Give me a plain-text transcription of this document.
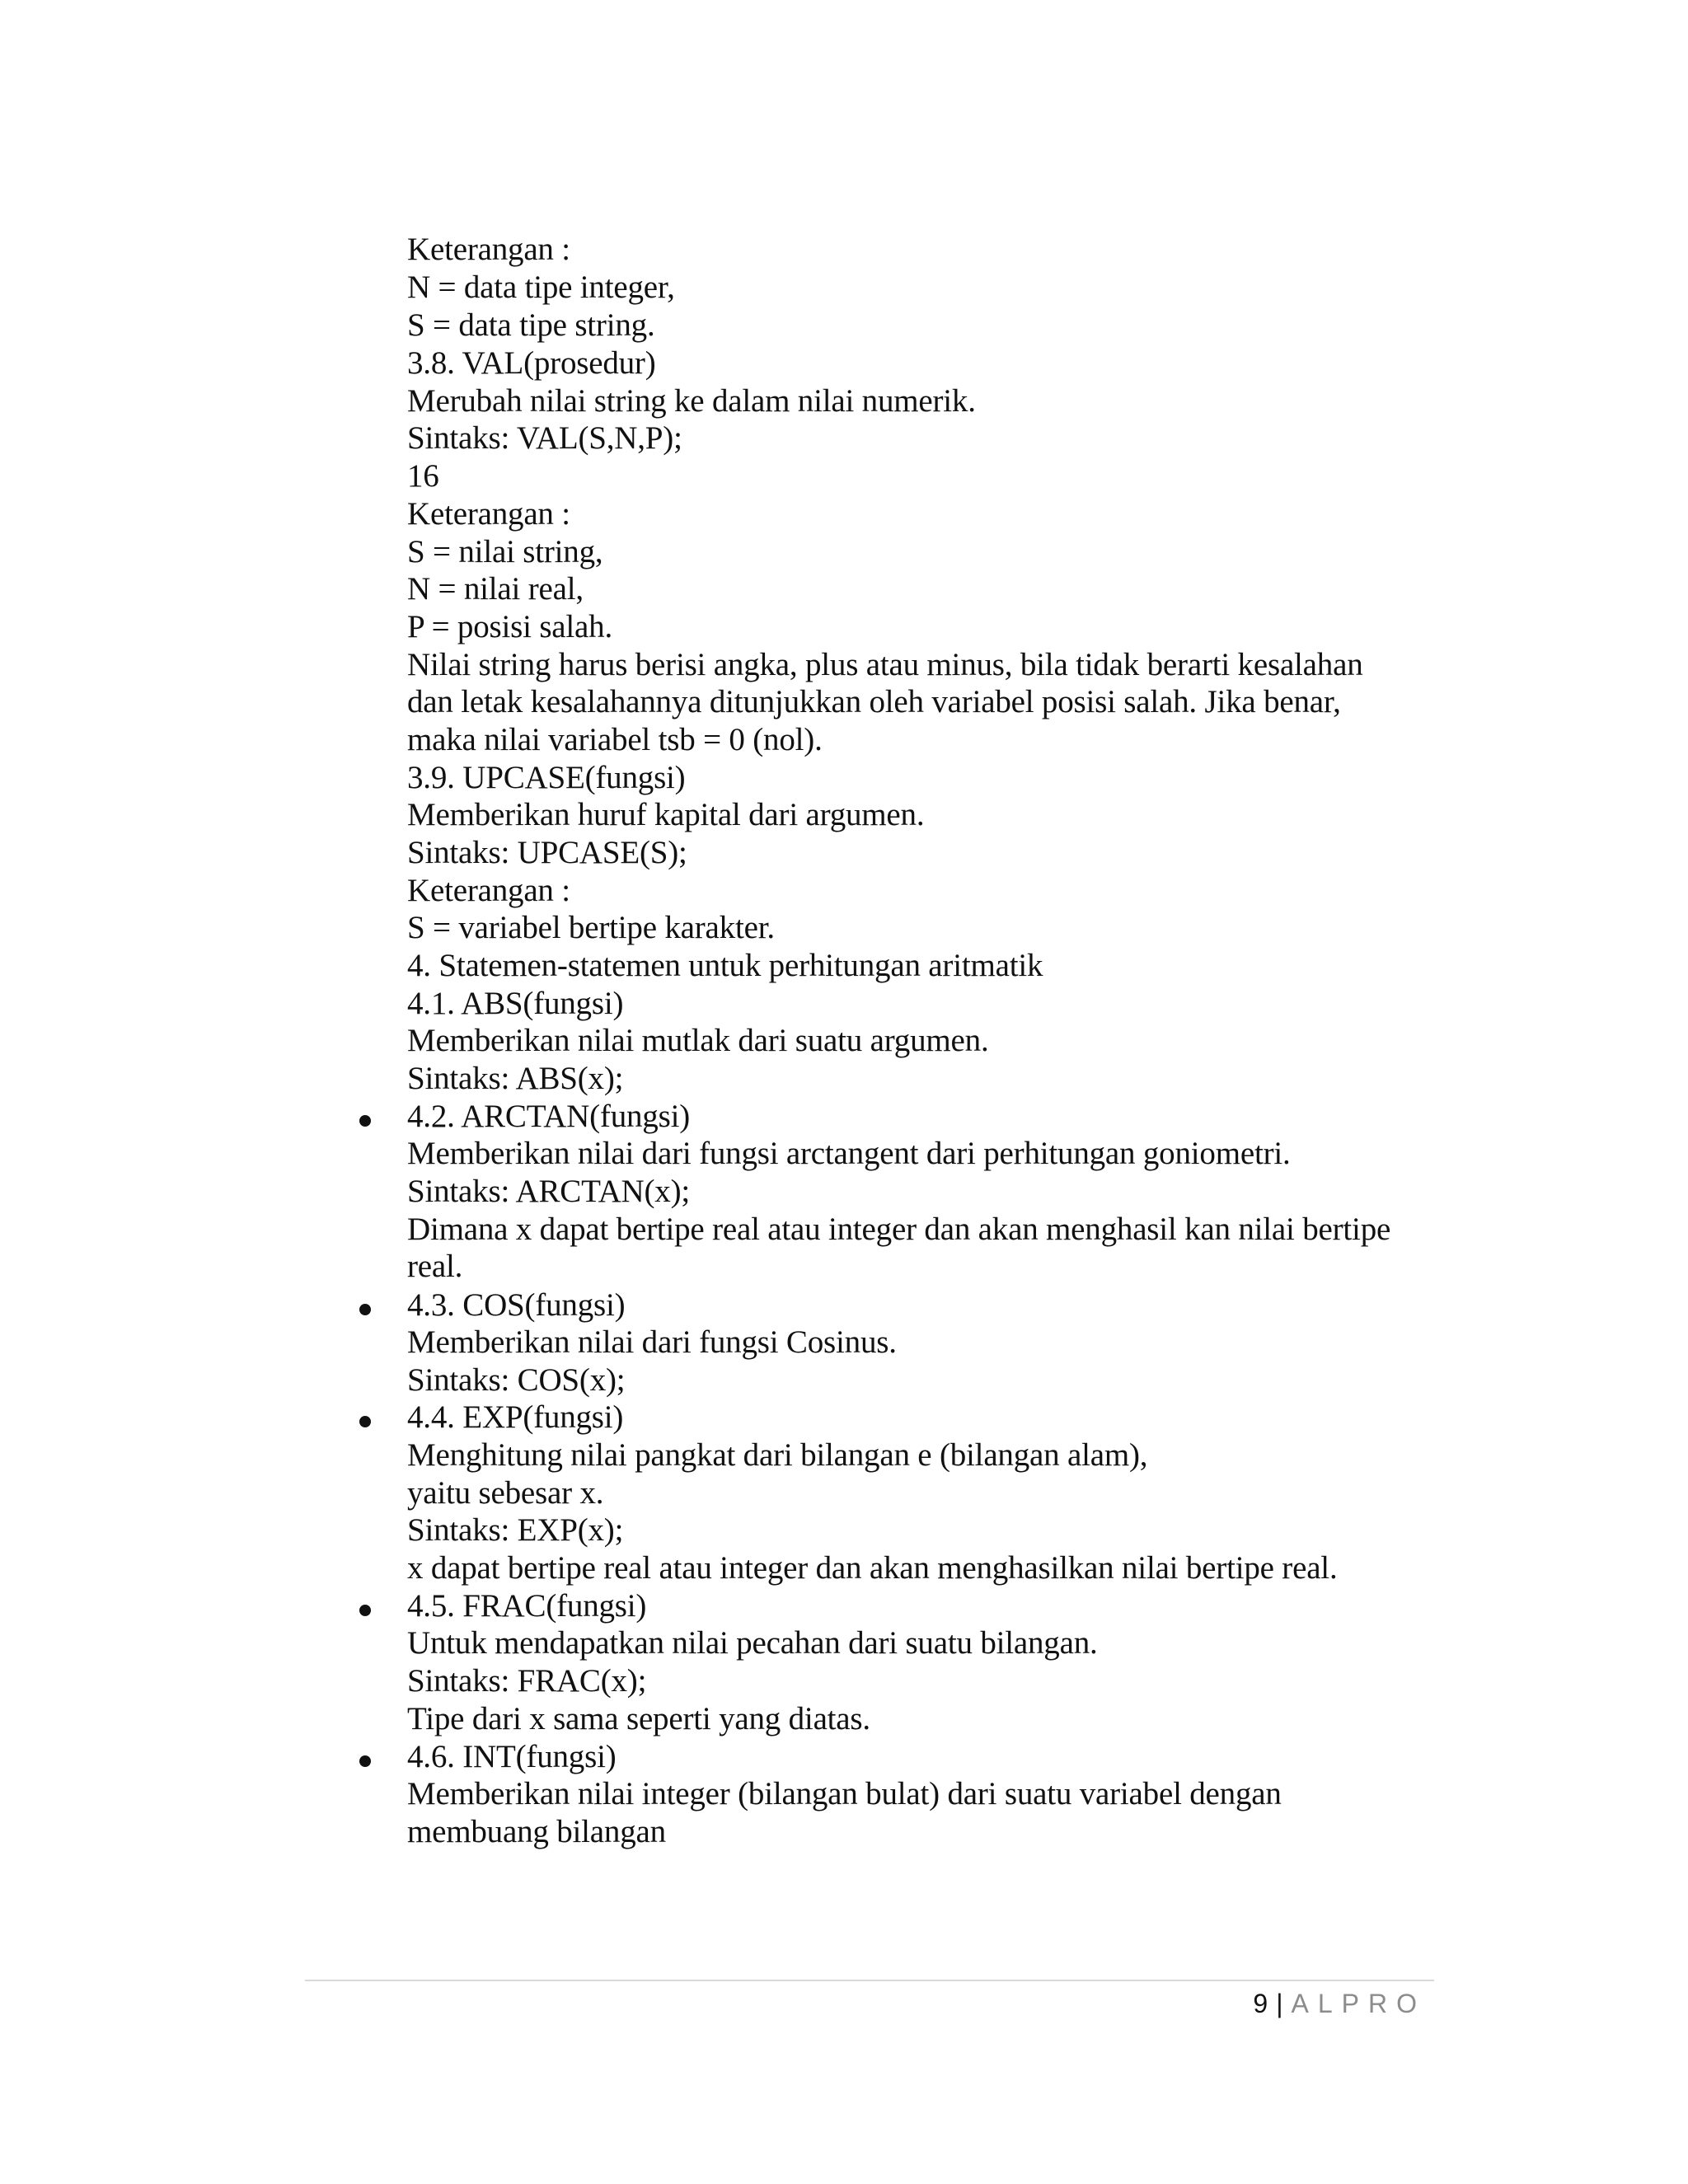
Keterangan :
N = data tipe integer,
S = data tipe string.
3.8. VAL(prosedur)
Merubah nilai string ke dalam nilai numerik.
Sintaks: VAL(S,N,P);
16
Keterangan :
S = nilai string,
N = nilai real,
P = posisi salah.
Nilai string harus berisi angka, plus atau minus, bila tidak berarti kesalahan
dan letak kesalahannya ditunjukkan oleh variabel posisi salah. Jika benar,
maka nilai variabel tsb = 0 (nol).
3.9. UPCASE(fungsi)
Memberikan huruf kapital dari argumen.
Sintaks: UPCASE(S);
Keterangan :
S = variabel bertipe karakter.
4. Statemen-statemen untuk perhitungan aritmatik
4.1. ABS(fungsi)
Memberikan nilai mutlak dari suatu argumen.
Sintaks: ABS(x);
4.2. ARCTAN(fungsi)
Memberikan nilai dari fungsi arctangent dari perhitungan goniometri.
Sintaks: ARCTAN(x);
Dimana x dapat bertipe real atau integer dan akan menghasil kan nilai bertipe
real.
4.3. COS(fungsi)
Memberikan nilai dari fungsi Cosinus.
Sintaks: COS(x);
4.4. EXP(fungsi)
Menghitung nilai pangkat dari bilangan e (bilangan alam),
yaitu sebesar x.
Sintaks: EXP(x);
x dapat bertipe real atau integer dan akan menghasilkan nilai bertipe real.
4.5. FRAC(fungsi)
Untuk mendapatkan nilai pecahan dari suatu bilangan.
Sintaks: FRAC(x);
Tipe dari x sama seperti yang diatas.
4.6. INT(fungsi)
Memberikan nilai integer (bilangan bulat) dari suatu variabel dengan
membuang bilangan
9 | ALPRO
